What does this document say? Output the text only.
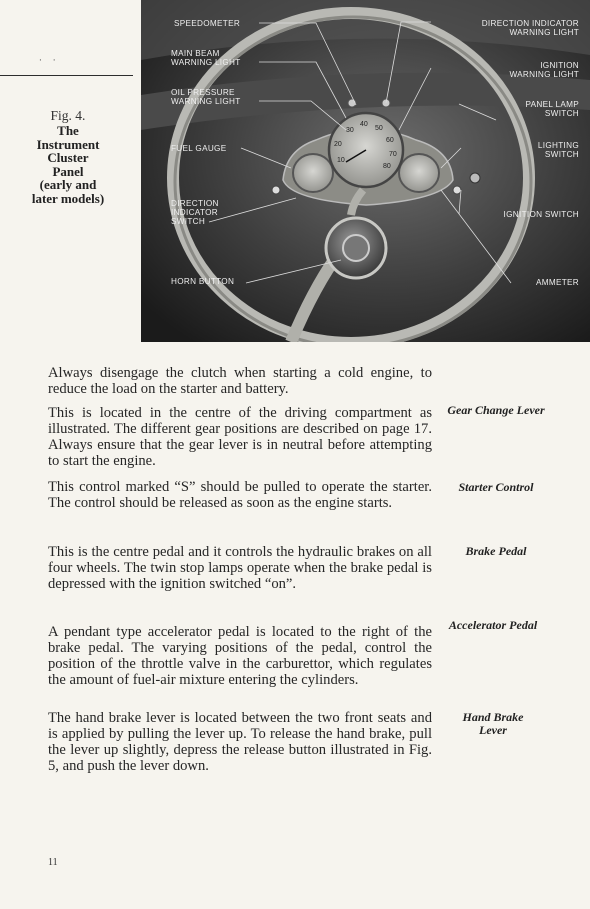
· ·
Fig. 4.
The
Instrument
Cluster
Panel
(early and
later models)
10
20
30
40
50
60
70
80
SPEEDOMETER
MAIN BEAM
WARNING LIGHT
OIL PRESSURE
WARNING LIGHT
FUEL GAUGE
DIRECTION
INDICATOR
SWITCH
HORN BUTTON
DIRECTION INDICATOR
WARNING LIGHT
IGNITION
WARNING LIGHT
PANEL LAMP
SWITCH
LIGHTING
SWITCH
IGNITION SWITCH
AMMETER
Always disengage the clutch when starting a cold engine, to reduce the load on the starter and battery.
This is located in the centre of the driving compartment as illustrated. The different gear positions are described on page 17. Always ensure that the gear lever is in neutral before attempting to start the engine.
Gear Change Lever
This control marked “S” should be pulled to operate the starter. The control should be released as soon as the engine starts.
Starter Control
This is the centre pedal and it controls the hydraulic brakes on all four wheels. The twin stop lamps operate when the brake pedal is depressed with the ignition switched “on”.
Brake Pedal
A pendant type accelerator pedal is located to the right of the brake pedal. The varying positions of the pedal, control the position of the throttle valve in the carburettor, which regulates the amount of fuel-air mixture entering the cylinders.
Accelerator Pedal
The hand brake lever is located between the two front seats and is applied by pulling the lever up. To release the hand brake, pull the lever up slightly, depress the release button illustrated in Fig. 5, and push the lever down.
Hand Brake Lever
11
